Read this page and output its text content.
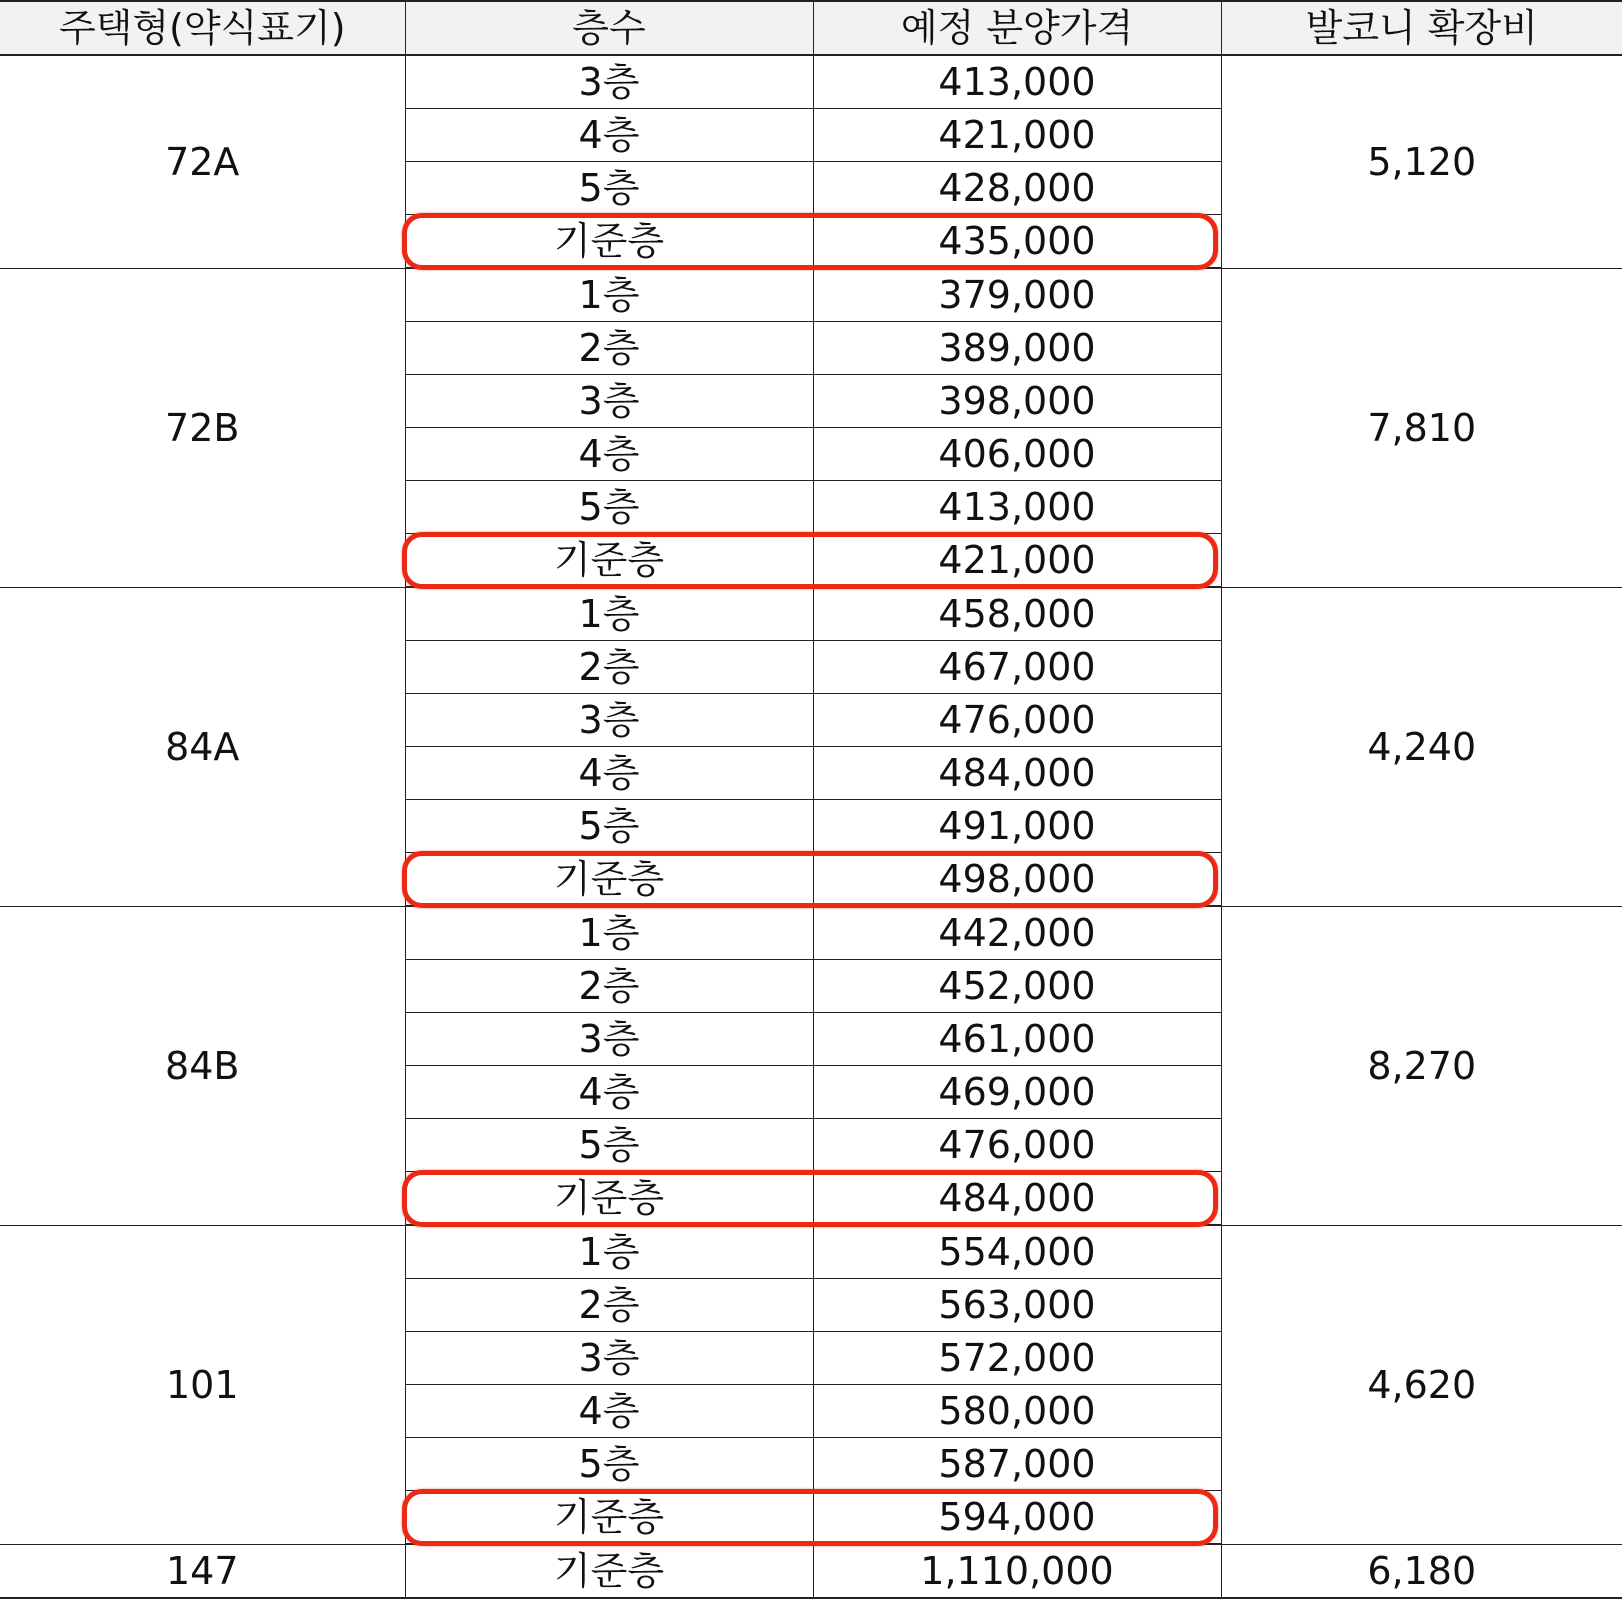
주택형(약식표기)	층수	예정 분양가격	발코니 확장비
72A	3층	413,000	5,120
	4층	421,000	
	5층	428,000	
	기준층	435,000	
72B	1층	379,000	7,810
	2층	389,000	
	3층	398,000	
	4층	406,000	
	5층	413,000	
	기준층	421,000	
84A	1층	458,000	4,240
	2층	467,000	
	3층	476,000	
	4층	484,000	
	5층	491,000	
	기준층	498,000	
84B	1층	442,000	8,270
	2층	452,000	
	3층	461,000	
	4층	469,000	
	5층	476,000	
	기준층	484,000	
101	1층	554,000	4,620
	2층	563,000	
	3층	572,000	
	4층	580,000	
	5층	587,000	
	기준층	594,000	
147	기준층	1,110,000	6,180
